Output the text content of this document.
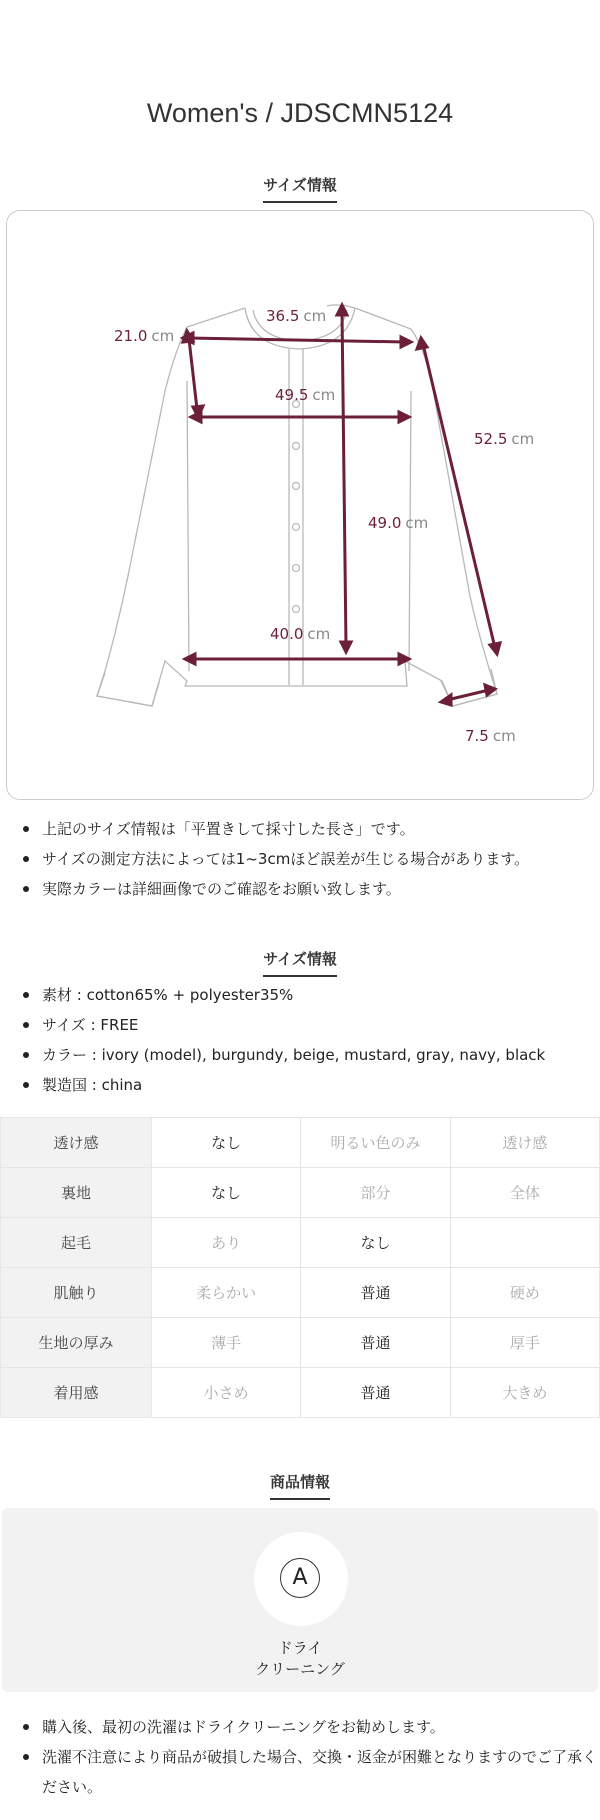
Women's / JDSCMN5124
サイズ情報
36.5 cm
21.0 cm
49.5 cm
52.5 cm
49.0 cm
40.0 cm
7.5 cm
上記のサイズ情報は「平置きして採寸した長さ」です。
サイズの測定方法によっては1~3cmほど誤差が生じる場合があります。
実際カラーは詳細画像でのご確認をお願い致します。
サイズ情報
素材 : cotton65% + polyester35%
サイズ : FREE
カラー : ivory (model), burgundy, beige, mustard, gray, navy, black
製造国 : china
透け感	なし	明るい色のみ	透け感
裏地	なし	部分	全体
起毛	あり	なし	
肌触り	柔らかい	普通	硬め
生地の厚み	薄手	普通	厚手
着用感	小さめ	普通	大きめ
商品情報
A
ドライ
クリーニング
購入後、最初の洗濯はドライクリーニングをお勧めします。
洗濯不注意により商品が破損した場合、交換・返金が困難となりますのでご了承ください。
